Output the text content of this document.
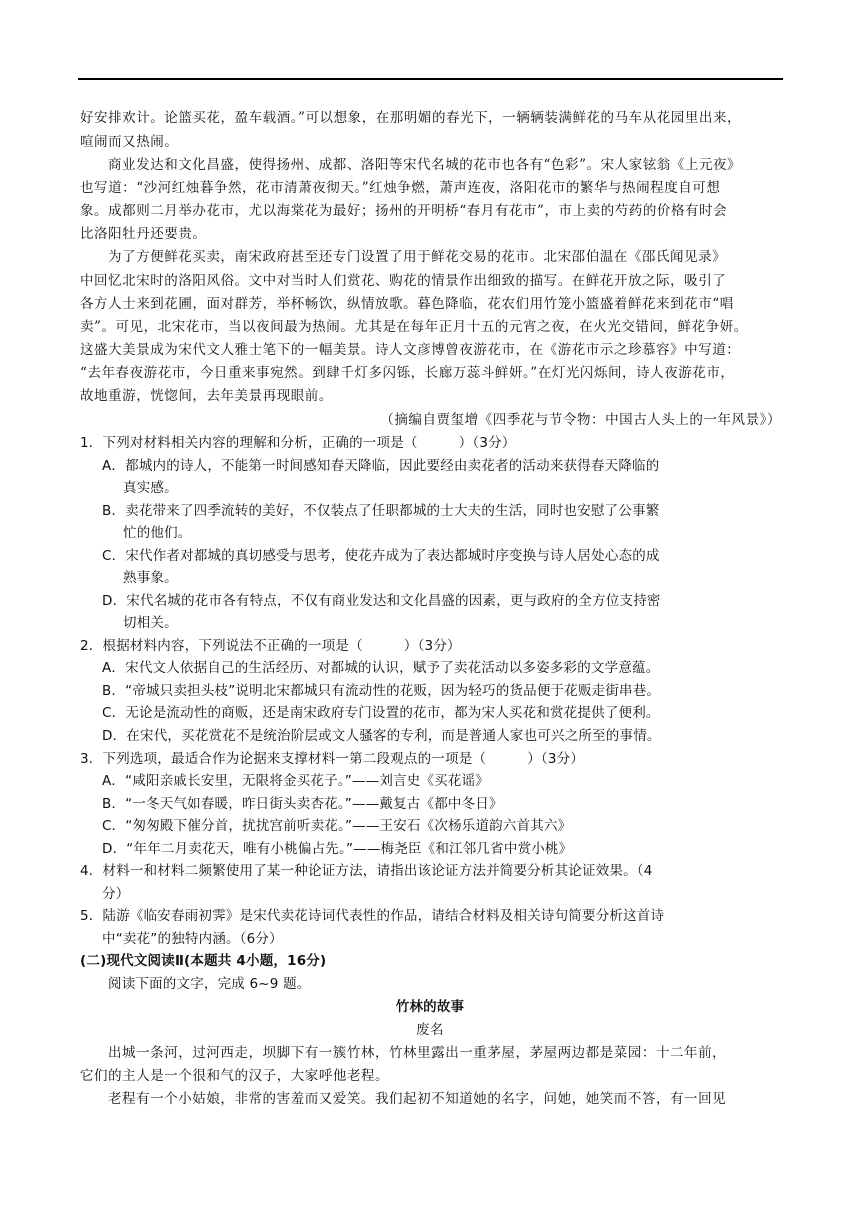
好安排欢计。论篮买花，盈车载酒。”可以想象，在那明媚的春光下，一辆辆装满鲜花的马车从花园里出来，
喧闹而又热闹。
商业发达和文化昌盛，使得扬州、成都、洛阳等宋代名城的花市也各有“色彩”。宋人家铉翁《上元夜》
也写道：“沙河红烛暮争然，花市清萧夜彻天。”红烛争燃，萧声连夜，洛阳花市的繁华与热闹程度自可想
象。成都则二月举办花市，尤以海棠花为最好；扬州的开明桥“春月有花市”，市上卖的芍药的价格有时会
比洛阳牡丹还要贵。
为了方便鲜花买卖，南宋政府甚至还专门设置了用于鲜花交易的花市。北宋邵伯温在《邵氏闻见录》
中回忆北宋时的洛阳风俗。文中对当时人们赏花、购花的情景作出细致的描写。在鲜花开放之际，吸引了
各方人士来到花圃，面对群芳，举杯畅饮，纵情放歌。暮色降临，花农们用竹笼小篮盛着鲜花来到花市“唱
卖”。可见，北宋花市，当以夜间最为热闹。尤其是在每年正月十五的元宵之夜，在火光交错间，鲜花争妍。
这盛大美景成为宋代文人雅士笔下的一幅美景。诗人文彦博曾夜游花市，在《游花市示之珍慕容》中写道：
“去年春夜游花市，今日重来事宛然。到肆千灯多闪铄，长廊万蕊斗鲜妍。”在灯光闪烁间，诗人夜游花市，
故地重游，恍惚间，去年美景再现眼前。
（摘编自贾玺增《四季花与节令物：中国古人头上的一年风景》）
1．下列对材料相关内容的理解和分析，正确的一项是（　　　）（3分）
A．都城内的诗人，不能第一时间感知春天降临，因此要经由卖花者的活动来获得春天降临的
真实感。
B．卖花带来了四季流转的美好，不仅装点了任职都城的士大夫的生活，同时也安慰了公事繁
忙的他们。
C．宋代作者对都城的真切感受与思考，使花卉成为了表达都城时序变换与诗人居处心态的成
熟事象。
D．宋代名城的花市各有特点，不仅有商业发达和文化昌盛的因素，更与政府的全方位支持密
切相关。
2．根据材料内容，下列说法不正确的一项是（　　　）（3分）
A．宋代文人依据自己的生活经历、对都城的认识，赋予了卖花活动以多姿多彩的文学意蕴。
B．“帝城只卖担头枝”说明北宋都城只有流动性的花贩，因为轻巧的货品便于花贩走街串巷。
C．无论是流动性的商贩，还是南宋政府专门设置的花市，都为宋人买花和赏花提供了便利。
D．在宋代，买花赏花不是统治阶层或文人骚客的专利，而是普通人家也可兴之所至的事情。
3．下列选项，最适合作为论据来支撑材料一第二段观点的一项是（　　　）（3分）
A．“咸阳亲戚长安里，无限将金买花子。”——刘言史《买花谣》
B．“一冬天气如春暖，昨日街头卖杏花。”——戴复古《都中冬日》
C．“匆匆殿下催分首，扰扰宫前听卖花。”——王安石《次杨乐道韵六首其六》
D．“年年二月卖花天，唯有小桃偏占先。”——梅尧臣《和江邻几省中赏小桃》
4．材料一和材料二频繁使用了某一种论证方法，请指出该论证方法并简要分析其论证效果。（4
分）
5．陆游《临安春雨初霁》是宋代卖花诗词代表性的作品，请结合材料及相关诗句简要分析这首诗
中“卖花”的独特内涵。（6分）
(二)现代文阅读Ⅱ(本题共 4小题，16分)
阅读下面的文字，完成 6~9 题。
竹林的故事
废名
出城一条河，过河西走，坝脚下有一簇竹林，竹林里露出一重茅屋，茅屋两边都是菜园：十二年前，
它们的主人是一个很和气的汉子，大家呼他老程。
老程有一个小姑娘，非常的害羞而又爱笑。我们起初不知道她的名字，问她，她笑而不答，有一回见
